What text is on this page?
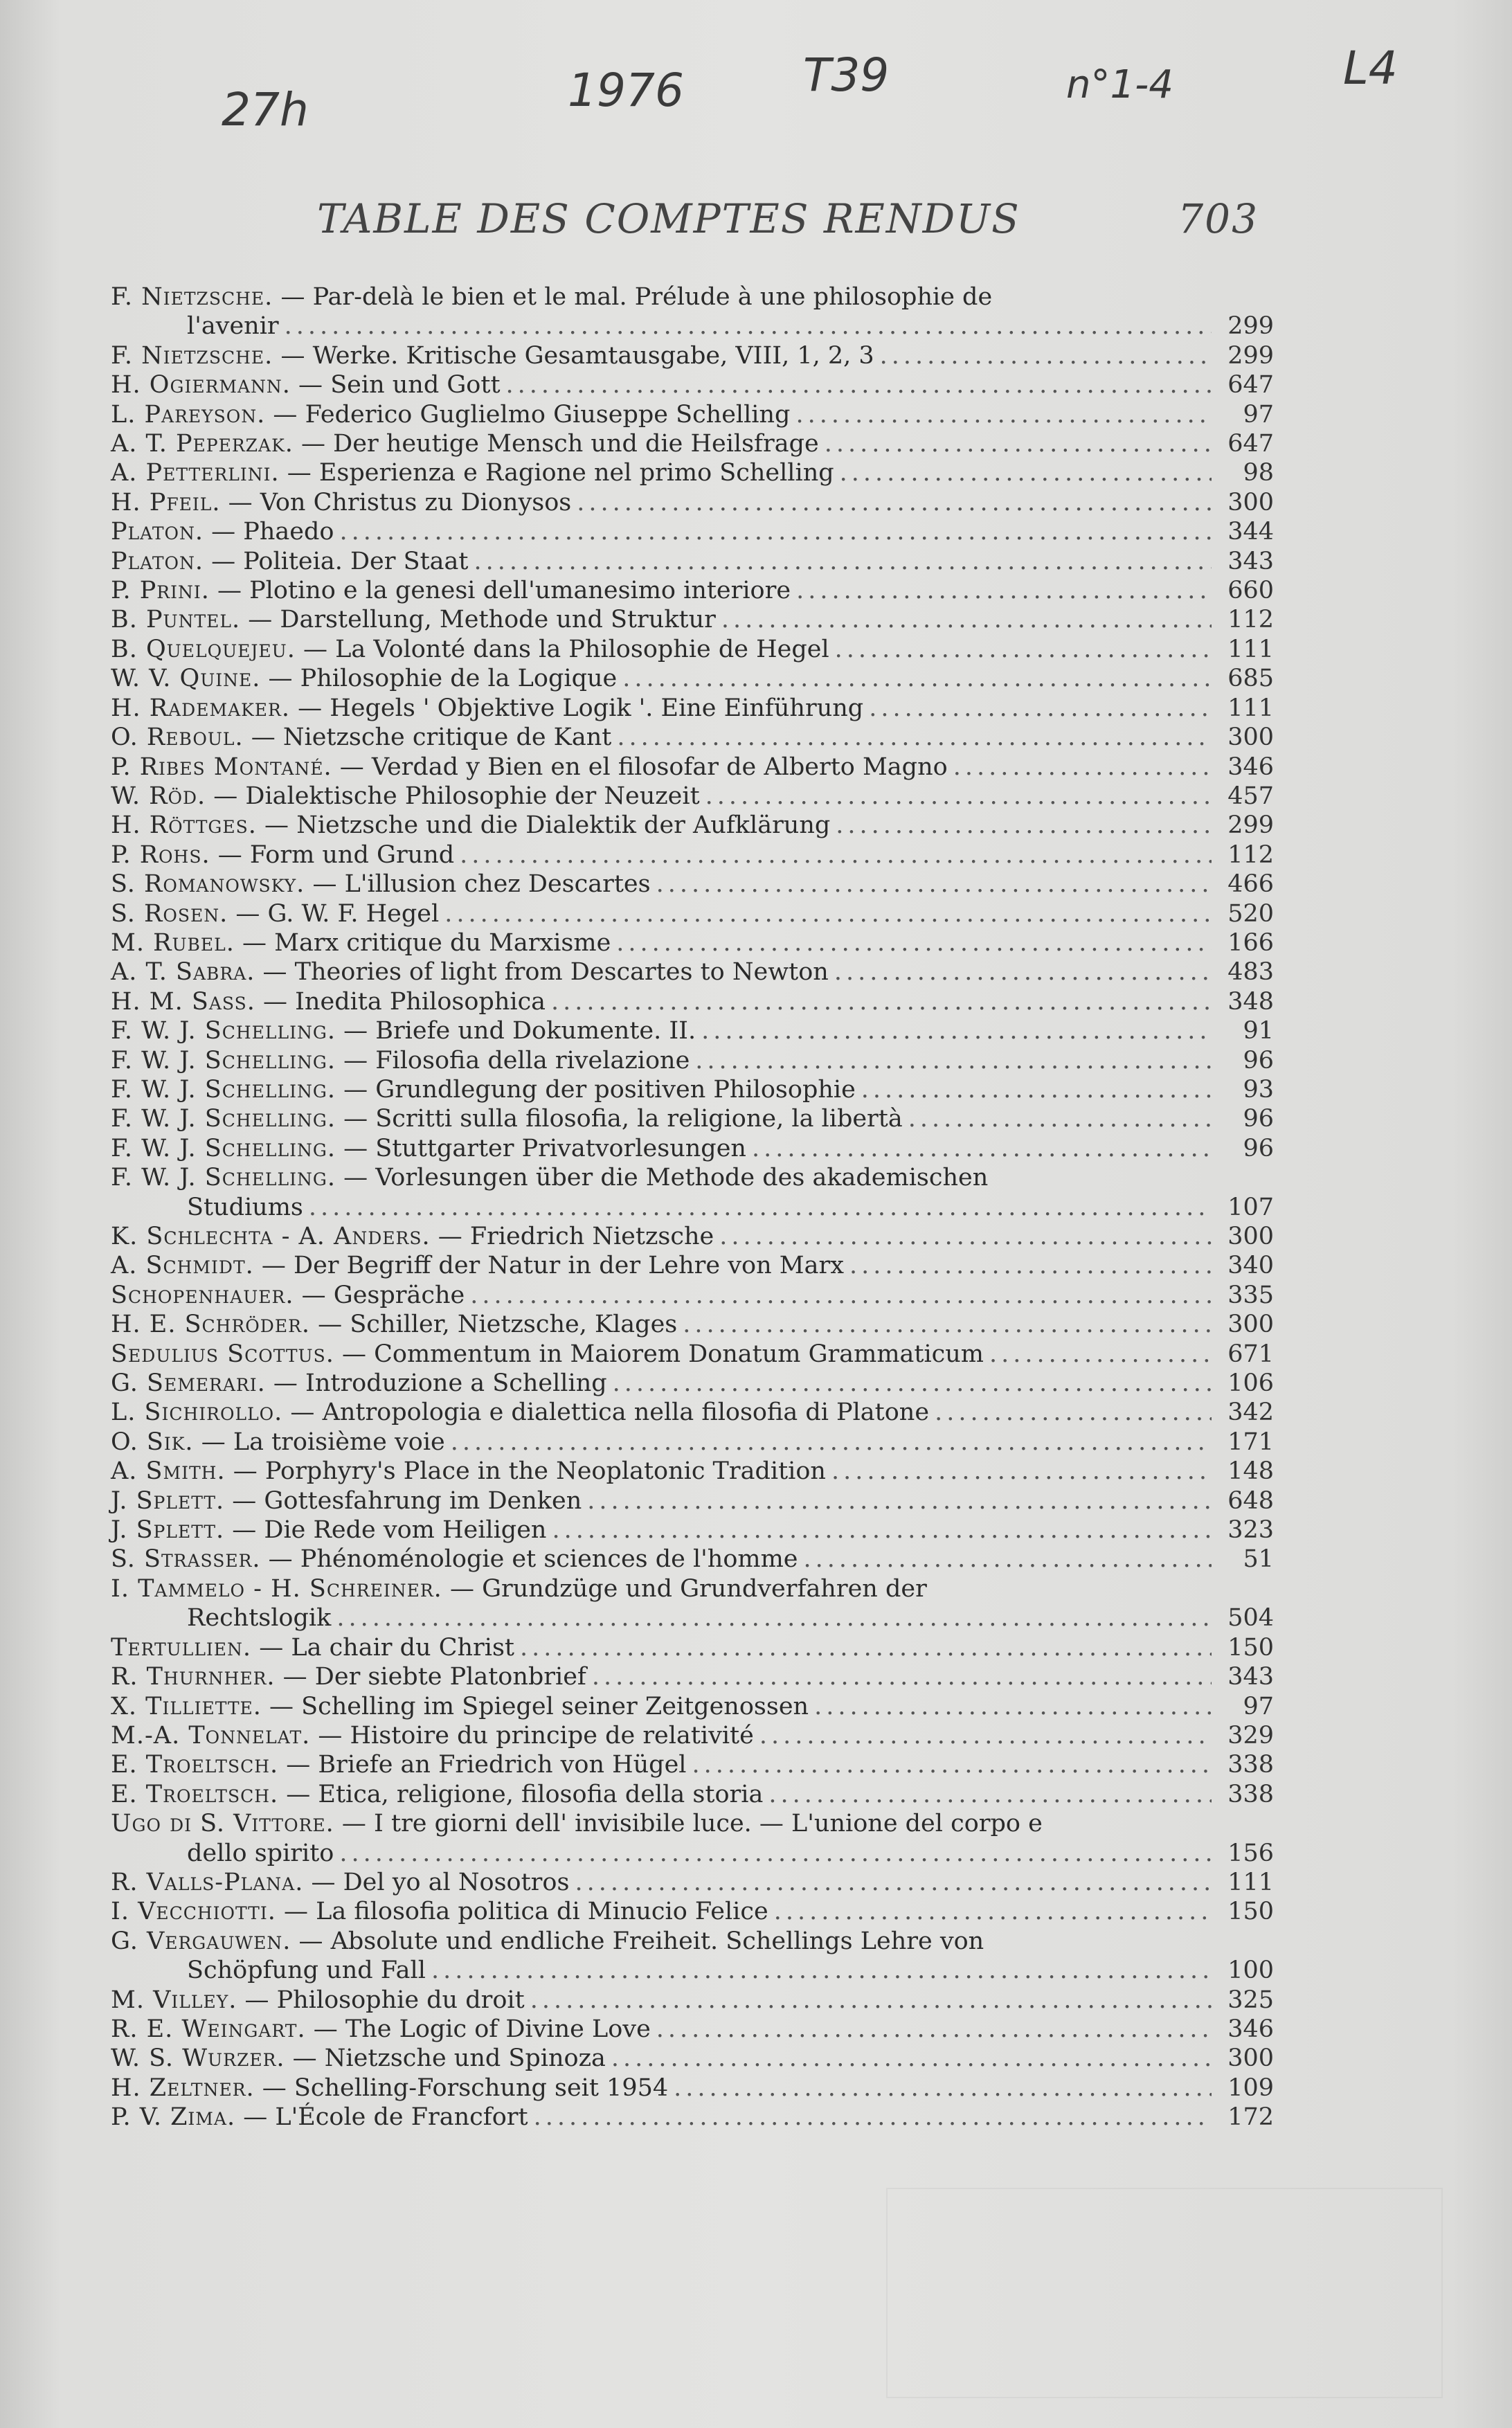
27h	1976	T39	n°1-4	L4
TABLE DES COMPTES RENDUS	703
F. Nietzsche. — Par-delà le bien et le mal. Prélude à une philosophie de
l'avenir .....	299
F. Nietzsche. — Werke. Kritische Gesamtausgabe, VIII, 1, 2, 3 .....	299
H. Ogiermann. — Sein und Gott .....	647
L. Pareyson. — Federico Guglielmo Giuseppe Schelling .....	97
A. T. Peperzak. — Der heutige Mensch und die Heilsfrage .....	647
A. Petterlini. — Esperienza e Ragione nel primo Schelling .....	98
H. Pfeil. — Von Christus zu Dionysos .....	300
Platon. — Phaedo .....	344
Platon. — Politeia. Der Staat .....	343
P. Prini. — Plotino e la genesi dell'umanesimo interiore .....	660
B. Puntel. — Darstellung, Methode und Struktur .....	112
B. Quelquejeu. — La Volonté dans la Philosophie de Hegel .....	111
W. V. Quine. — Philosophie de la Logique .....	685
H. Rademaker. — Hegels ' Objektive Logik '. Eine Einführung .....	111
O. Reboul. — Nietzsche critique de Kant .....	300
P. Ribes Montané. — Verdad y Bien en el filosofar de Alberto Magno .....	346
W. Röd. — Dialektische Philosophie der Neuzeit .....	457
H. Röttges. — Nietzsche und die Dialektik der Aufklärung .....	299
P. Rohs. — Form und Grund .....	112
S. Romanowsky. — L'illusion chez Descartes .....	466
S. Rosen. — G. W. F. Hegel .....	520
M. Rubel. — Marx critique du Marxisme .....	166
A. T. Sabra. — Theories of light from Descartes to Newton .....	483
H. M. Sass. — Inedita Philosophica .....	348
F. W. J. Schelling. — Briefe und Dokumente. II. .....	91
F. W. J. Schelling. — Filosofia della rivelazione .....	96
F. W. J. Schelling. — Grundlegung der positiven Philosophie .....	93
F. W. J. Schelling. — Scritti sulla filosofia, la religione, la libertà .....	96
F. W. J. Schelling. — Stuttgarter Privatvorlesungen .....	96
F. W. J. Schelling. — Vorlesungen über die Methode des akademischen
Studiums .....	107
K. Schlechta - A. Anders. — Friedrich Nietzsche .....	300
A. Schmidt. — Der Begriff der Natur in der Lehre von Marx .....	340
Schopenhauer. — Gespräche .....	335
H. E. Schröder. — Schiller, Nietzsche, Klages .....	300
Sedulius Scottus. — Commentum in Maiorem Donatum Grammaticum .....	671
G. Semerari. — Introduzione a Schelling .....	106
L. Sichirollo. — Antropologia e dialettica nella filosofia di Platone .....	342
O. Sik. — La troisième voie .....	171
A. Smith. — Porphyry's Place in the Neoplatonic Tradition .....	148
J. Splett. — Gottesfahrung im Denken .....	648
J. Splett. — Die Rede vom Heiligen .....	323
S. Strasser. — Phénoménologie et sciences de l'homme .....	51
I. Tammelo - H. Schreiner. — Grundzüge und Grundverfahren der
Rechtslogik .....	504
Tertullien. — La chair du Christ .....	150
R. Thurnher. — Der siebte Platonbrief .....	343
X. Tilliette. — Schelling im Spiegel seiner Zeitgenossen .....	97
M.-A. Tonnelat. — Histoire du principe de relativité .....	329
E. Troeltsch. — Briefe an Friedrich von Hügel .....	338
E. Troeltsch. — Etica, religione, filosofia della storia .....	338
Ugo di S. Vittore. — I tre giorni dell' invisibile luce. — L'unione del corpo e
dello spirito .....	156
R. Valls-Plana. — Del yo al Nosotros .....	111
I. Vecchiotti. — La filosofia politica di Minucio Felice .....	150
G. Vergauwen. — Absolute und endliche Freiheit. Schellings Lehre von
Schöpfung und Fall .....	100
M. Villey. — Philosophie du droit .....	325
R. E. Weingart. — The Logic of Divine Love .....	346
W. S. Wurzer. — Nietzsche und Spinoza .....	300
H. Zeltner. — Schelling-Forschung seit 1954 .....	109
P. V. Zima. — L'École de Francfort .....	172
